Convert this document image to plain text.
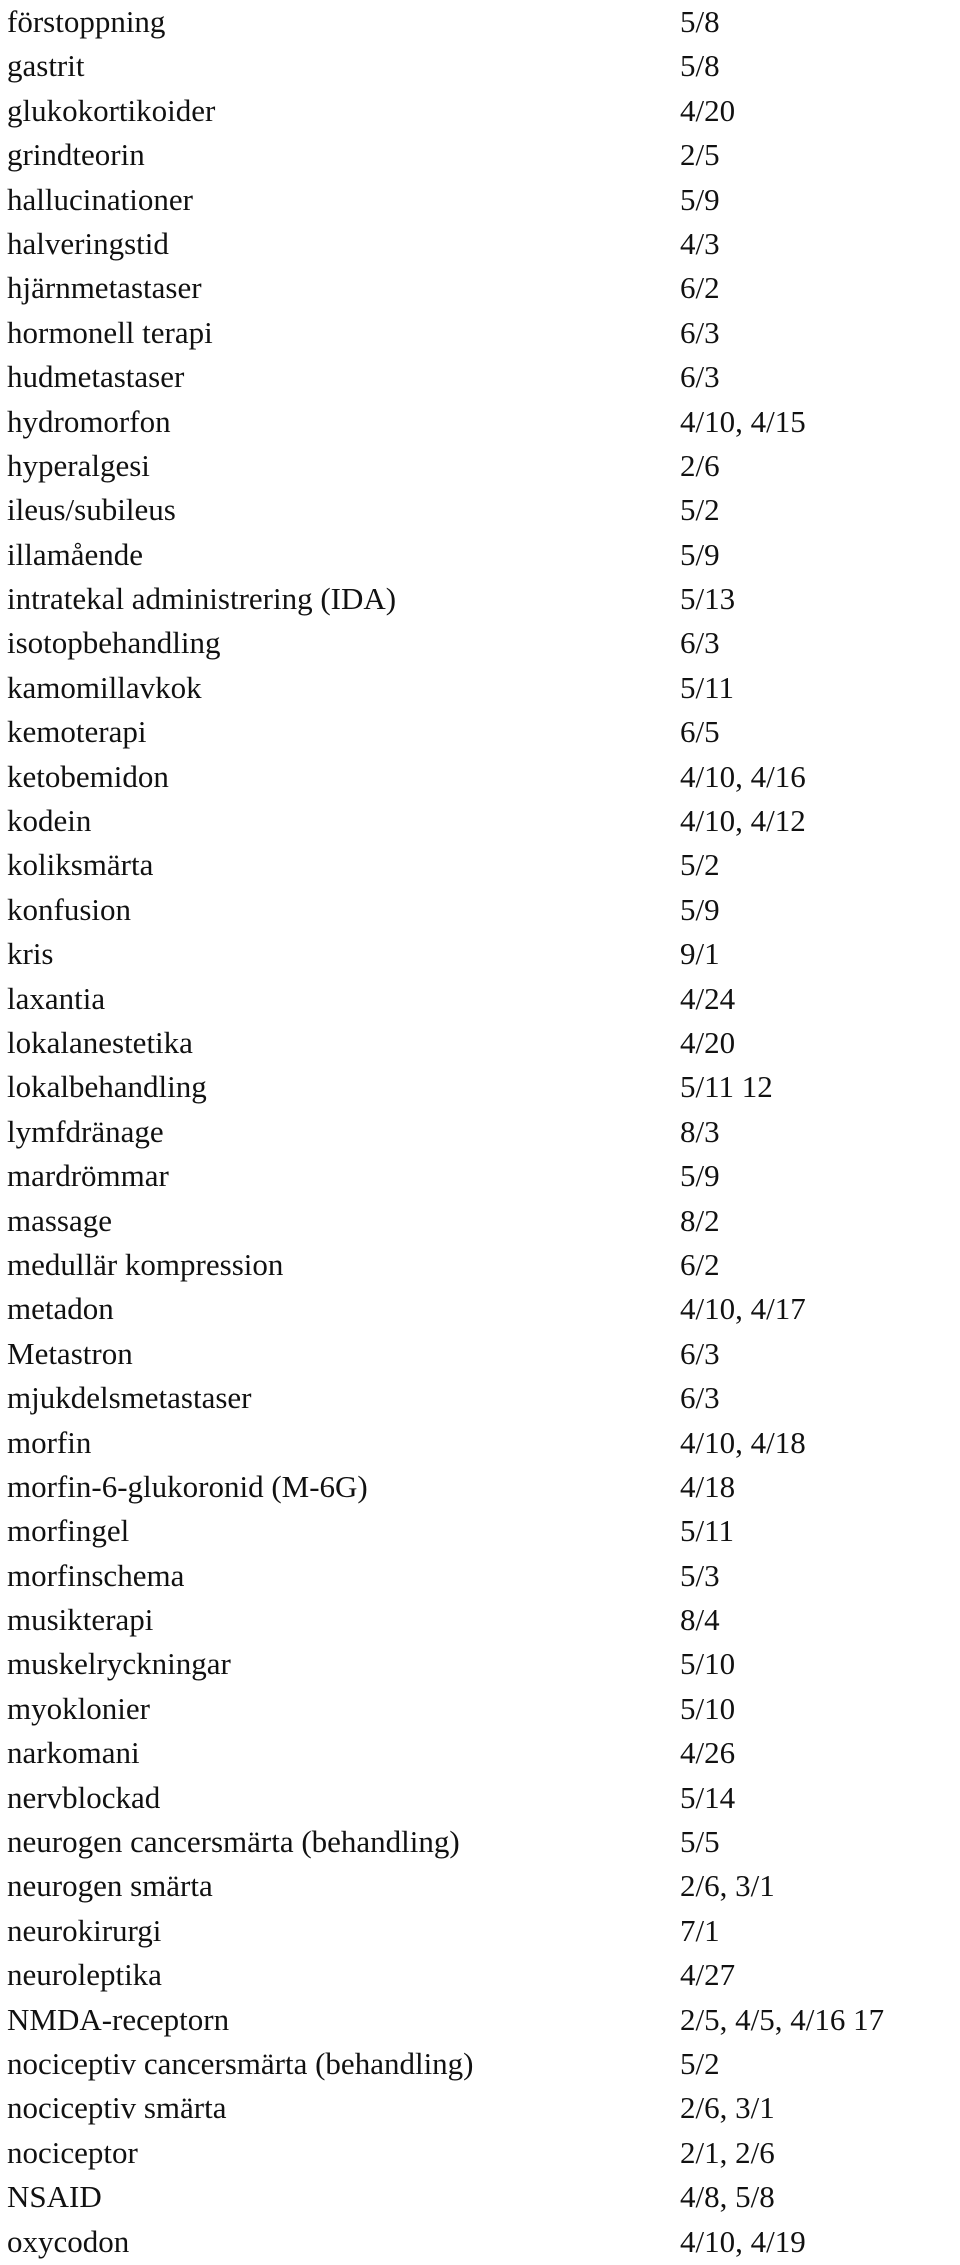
förstoppning	5/8
gastrit	5/8
glukokortikoider	4/20
grindteorin	2/5
hallucinationer	5/9
halveringstid	4/3
hjärnmetastaser	6/2
hormonell terapi	6/3
hudmetastaser	6/3
hydromorfon	4/10, 4/15
hyperalgesi	2/6
ileus/subileus	5/2
illamående	5/9
intratekal administrering (IDA)	5/13
isotopbehandling	6/3
kamomillavkok	5/11
kemoterapi	6/5
ketobemidon	4/10, 4/16
kodein	4/10, 4/12
koliksmärta	5/2
konfusion	5/9
kris	9/1
laxantia	4/24
lokalanestetika	4/20
lokalbehandling	5/11 12
lymfdränage	8/3
mardrömmar	5/9
massage	8/2
medullär kompression	6/2
metadon	4/10, 4/17
Metastron	6/3
mjukdelsmetastaser	6/3
morfin	4/10, 4/18
morfin-6-glukoronid (M-6G)	4/18
morfingel	5/11
morfinschema	5/3
musikterapi	8/4
muskelryckningar	5/10
myoklonier	5/10
narkomani	4/26
nervblockad	5/14
neurogen cancersmärta (behandling)	5/5
neurogen smärta	2/6, 3/1
neurokirurgi	7/1
neuroleptika	4/27
NMDA-receptorn	2/5, 4/5, 4/16 17
nociceptiv cancersmärta (behandling)	5/2
nociceptiv smärta	2/6, 3/1
nociceptor	2/1, 2/6
NSAID	4/8, 5/8
oxycodon	4/10, 4/19
